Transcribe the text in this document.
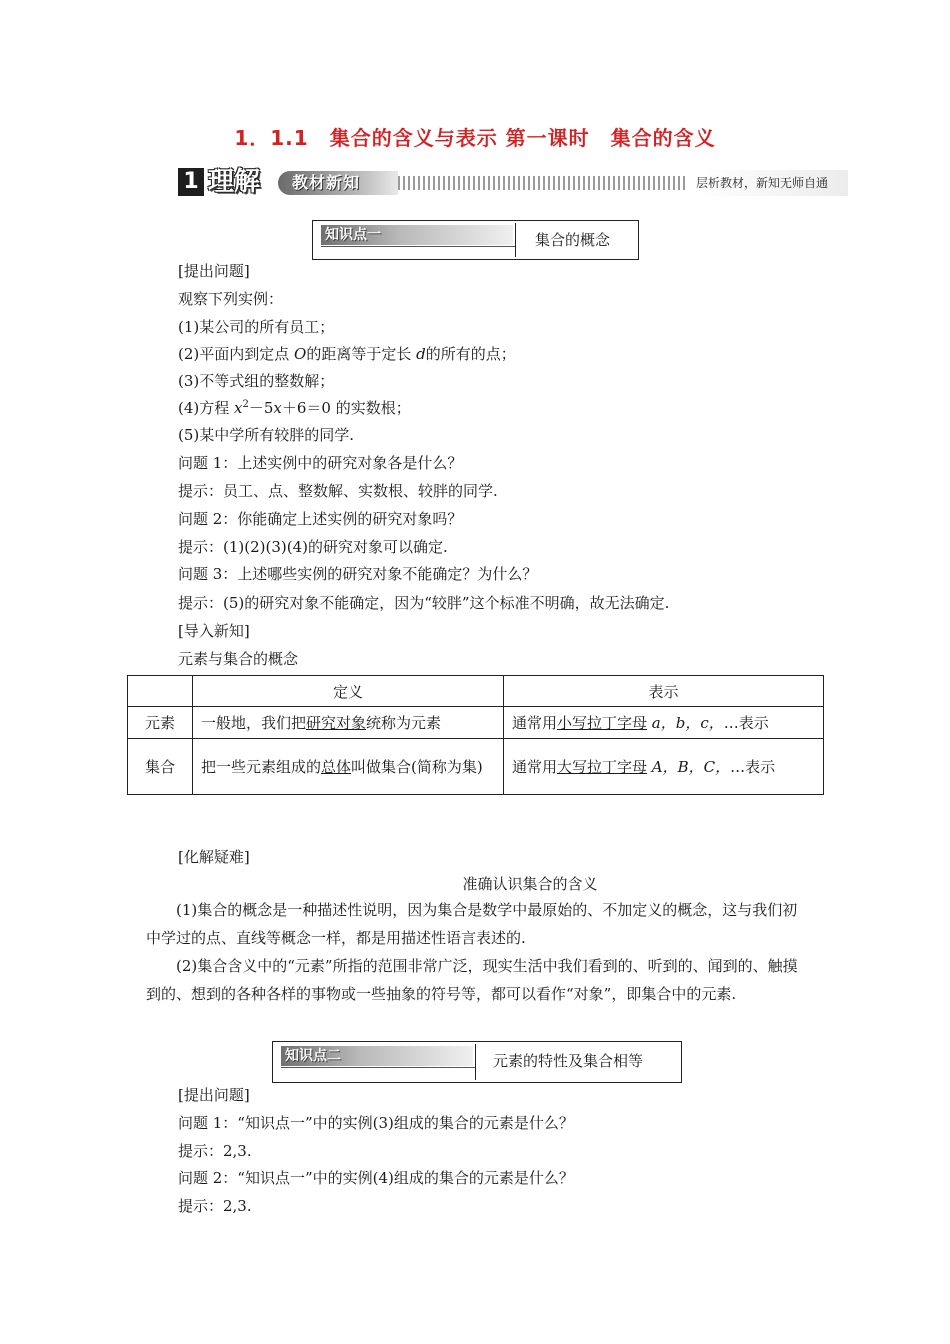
1．1.1　集合的含义与表示 第一课时　集合的含义
1 理解 教材新知	层析教材，新知无师自通
知识点一	集合的概念
[提出问题]
观察下列实例：
(1)某公司的所有员工；
(2)平面内到定点 O的距离等于定长 d的所有的点；
(3)不等式组的整数解；
(4)方程 $x^2-5x+6=0$ 的实数根；
(5)某中学所有较胖的同学.
问题 1：上述实例中的研究对象各是什么？
提示：员工、点、整数解、实数根、较胖的同学.
问题 2：你能确定上述实例的研究对象吗？
提示：(1)(2)(3)(4)的研究对象可以确定.
问题 3：上述哪些实例的研究对象不能确定？为什么？
提示：(5)的研究对象不能确定，因为“较胖”这个标准不明确，故无法确定.
[导入新知]
元素与集合的概念
	定义	表示
元素	一般地，我们把研究对象统称为元素	通常用小写拉丁字母 a，b，c，…表示
集合	把一些元素组成的总体叫做集合(简称为集)	通常用大写拉丁字母 A，B，C，…表示
[化解疑难]
准确认识集合的含义
(1)集合的概念是一种描述性说明，因为集合是数学中最原始的、不加定义的概念，这与我们初中学过的点、直线等概念一样，都是用描述性语言表述的.
(2)集合含义中的“元素”所指的范围非常广泛，现实生活中我们看到的、听到的、闻到的、触摸到的、想到的各种各样的事物或一些抽象的符号等，都可以看作“对象”，即集合中的元素.
知识点二	元素的特性及集合相等
[提出问题]
问题 1：“知识点一”中的实例(3)组成的集合的元素是什么？
提示：2,3.
问题 2：“知识点一”中的实例(4)组成的集合的元素是什么？
提示：2,3.
